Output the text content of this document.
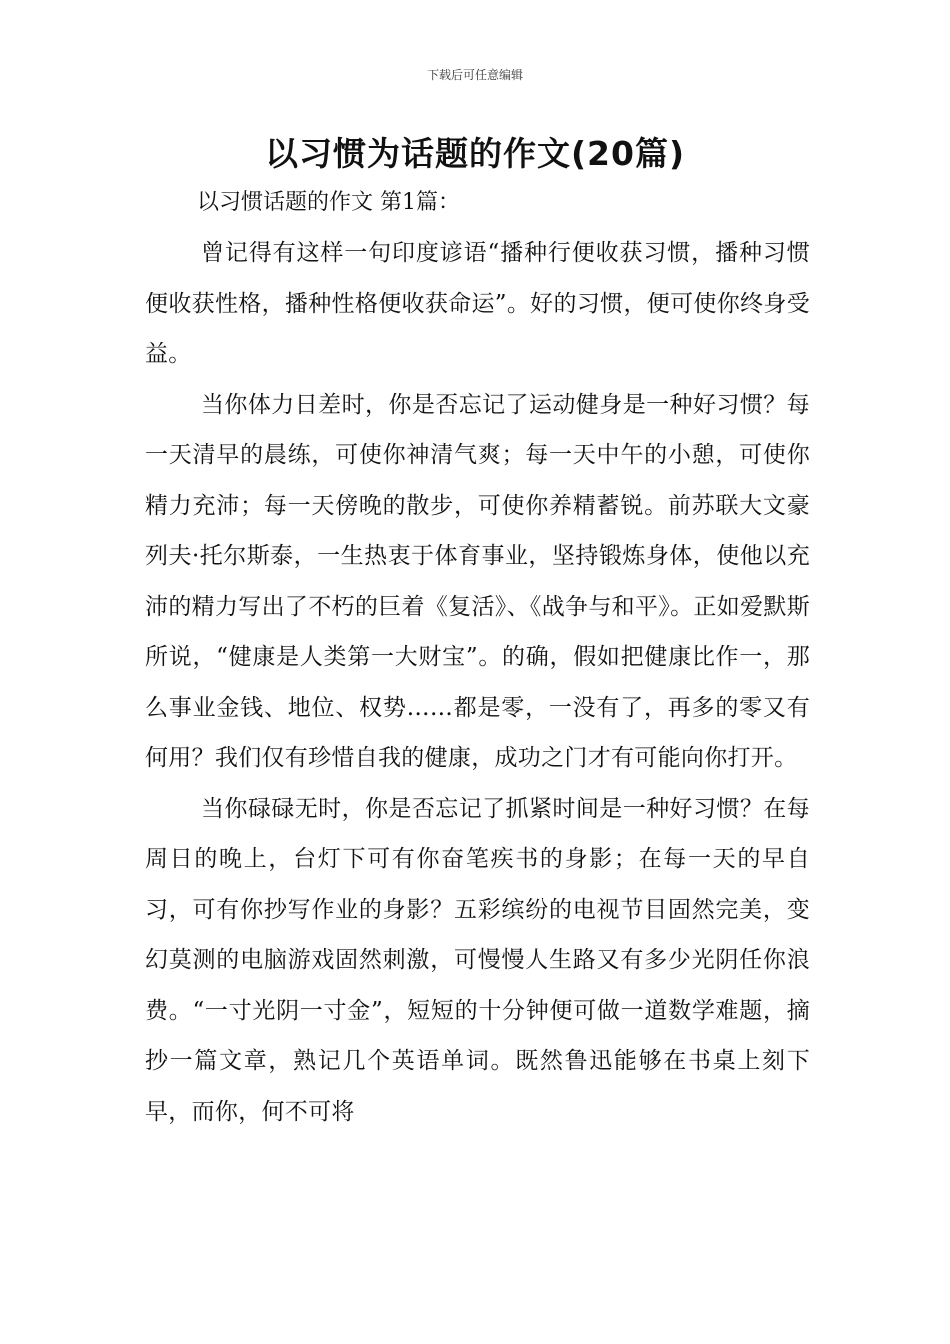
下载后可任意编辑
以习惯为话题的作文(20篇)

以习惯话题的作文 第1篇：

曾记得有这样一句印度谚语“播种行便收获习惯，播种习惯便收获性格，播种性格便收获命运”。好的习惯，便可使你终身受益。

当你体力日差时，你是否忘记了运动健身是一种好习惯？每一天清早的晨练，可使你神清气爽；每一天中午的小憩，可使你精力充沛；每一天傍晚的散步，可使你养精蓄锐。前苏联大文豪列夫·托尔斯泰，一生热衷于体育事业，坚持锻炼身体，使他以充沛的精力写出了不朽的巨着《复活》、《战争与和平》。正如爱默斯所说，“健康是人类第一大财宝”。的确，假如把健康比作一，那么事业金钱、地位、权势……都是零，一没有了，再多的零又有何用？我们仅有珍惜自我的健康，成功之门才有可能向你打开。

当你碌碌无时，你是否忘记了抓紧时间是一种好习惯？在每周日的晚上，台灯下可有你奋笔疾书的身影；在每一天的早自习，可有你抄写作业的身影？五彩缤纷的电视节目固然完美，变幻莫测的电脑游戏固然刺激，可慢慢人生路又有多少光阴任你浪费。“一寸光阴一寸金”，短短的十分钟便可做一道数学难题，摘抄一篇文章，熟记几个英语单词。既然鲁迅能够在书桌上刻下早，而你，何不可将
